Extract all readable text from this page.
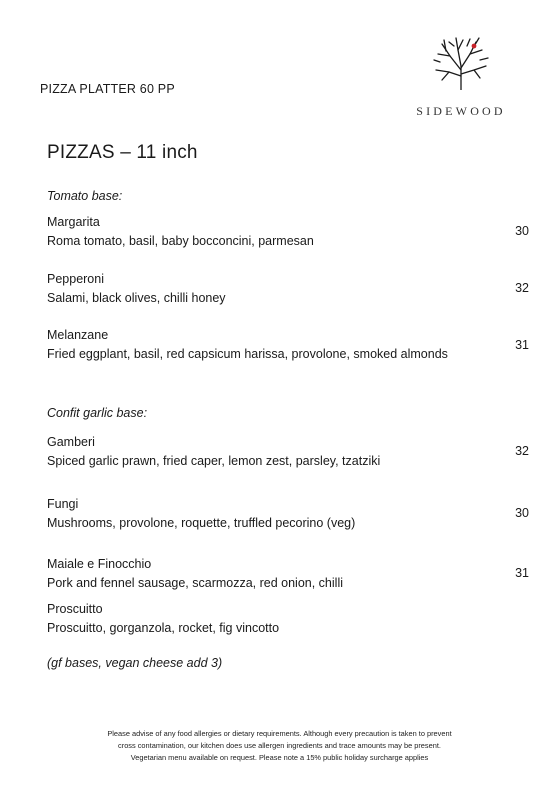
PIZZA PLATTER 60 PP
SIDEWOOD
PIZZAS – 11 inch
Tomato base:
Margarita
Roma tomato, basil, baby bocconcini, parmesan
30
Pepperoni
Salami, black olives, chilli honey
32
Melanzane
Fried eggplant, basil, red capsicum harissa, provolone, smoked almonds
31
Confit garlic base:
Gamberi
Spiced garlic prawn, fried caper, lemon zest, parsley, tzatziki
32
Fungi
Mushrooms, provolone, roquette, truffled pecorino (veg)
30
Maiale e Finocchio
Pork and fennel sausage, scarmozza, red onion, chilli
31
Proscuitto
Proscuitto, gorganzola, rocket, fig vincotto
(gf bases, vegan cheese add 3)
Please advise of any food allergies or dietary requirements. Although every precaution is taken to prevent
cross contamination, our kitchen does use allergen ingredients and trace amounts may be present.
Vegetarian menu available on request. Please note a 15% public holiday surcharge applies
